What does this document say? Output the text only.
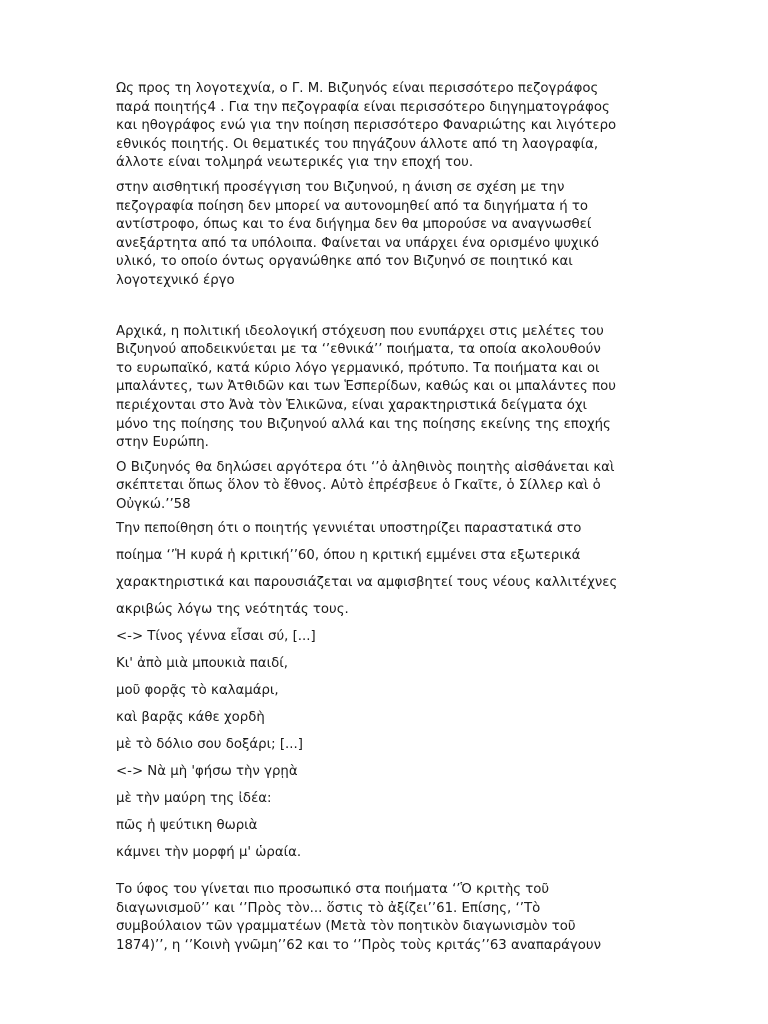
Ως προς τη λογοτεχνία, ο Γ. Μ. Βιζυηνός είναι περισσότερο πεζογράφος
παρά ποιητής4 . Για την πεζογραφία είναι περισσότερο διηγηματογράφος
και ηθογράφος ενώ για την ποίηση περισσότερο Φαναριώτης και λιγότερο
εθνικός ποιητής. Οι θεματικές του πηγάζουν άλλοτε από τη λαογραφία,
άλλοτε είναι τολμηρά νεωτερικές για την εποχή του.

στην αισθητική προσέγγιση του Βιζυηνού, η άνιση σε σχέση με την
πεζογραφία ποίηση δεν μπορεί να αυτονομηθεί από τα διηγήματα ή το
αντίστροφο, όπως και το ένα διήγημα δεν θα μπορούσε να αναγνωσθεί
ανεξάρτητα από τα υπόλοιπα. Φαίνεται να υπάρχει ένα ορισμένο ψυχικό
υλικό, το οποίο όντως οργανώθηκε από τον Βιζυηνό σε ποιητικό και
λογοτεχνικό έργο

Αρχικά, η πολιτική ιδεολογική στόχευση που ενυπάρχει στις μελέτες του
Βιζυηνού αποδεικνύεται με τα ‘’εθνικά’’ ποιήματα, τα οποία ακολουθούν
το ευρωπαϊκό, κατά κύριο λόγο γερμανικό, πρότυπο. Τα ποιήματα και οι
μπαλάντες, των Ἀτθιδῶν και των Ἑσπερίδων, καθώς και οι μπαλάντες που
περιέχονται στο Ἀνὰ τὸν Ἑλικῶνα, είναι χαρακτηριστικά δείγματα όχι
μόνο της ποίησης του Βιζυηνού αλλά και της ποίησης εκείνης της εποχής
στην Ευρώπη.

Ο Βιζυηνός θα δηλώσει αργότερα ότι ‘’ὁ ἀληθινὸς ποιητὴς αἰσθάνεται καὶ
σκέπτεται ὅπως ὅλον τὸ ἔθνος. Αὐτὸ ἐπρέσβευε ὁ Γκαῖτε, ὁ Σίλλερ καὶ ὁ
Οὐγκώ.’’58

Την πεποίθηση ότι ο ποιητής γεννιέται υποστηρίζει παραστατικά στο
ποίημα ‘’Ἡ κυρά ἡ κριτική’’60, όπου η κριτική εμμένει στα εξωτερικά
χαρακτηριστικά και παρουσιάζεται να αμφισβητεί τους νέους καλλιτέχνες
ακριβώς λόγω της νεότητάς τους.
<-> Τίνος γέννα εἶσαι σύ, [...]
Κι' ἀπὸ μιὰ μπουκιὰ παιδί,
μοῦ φορᾷς τὸ καλαμάρι,
καὶ βαρᾷς κάθε χορδὴ
μὲ τὸ δόλιο σου δοξάρι; [...]
<-> Νὰ μὴ 'φήσω τὴν γρῃὰ
μὲ τὴν μαύρη της ἰδέα:
πῶς ἡ ψεύτικη θωριὰ
κάμνει τὴν μορφή μ' ὡραία.

Το ύφος του γίνεται πιο προσωπικό στα ποιήματα ‘’Ὁ κριτὴς τοῦ
διαγωνισμοῦ’’ και ‘’Πρὸς τὸν... ὅστις τὸ ἀξίζει’’61. Επίσης, ‘’Τὸ
συμβούλαιον τῶν γραμματέων (Μετὰ τὸν ποητικὸν διαγωνισμὸν τοῦ
1874)’’, η ‘’Κοινὴ γνῶμη’’62 και το ‘’Πρὸς τοὺς κριτάς’’63 αναπαράγουν
